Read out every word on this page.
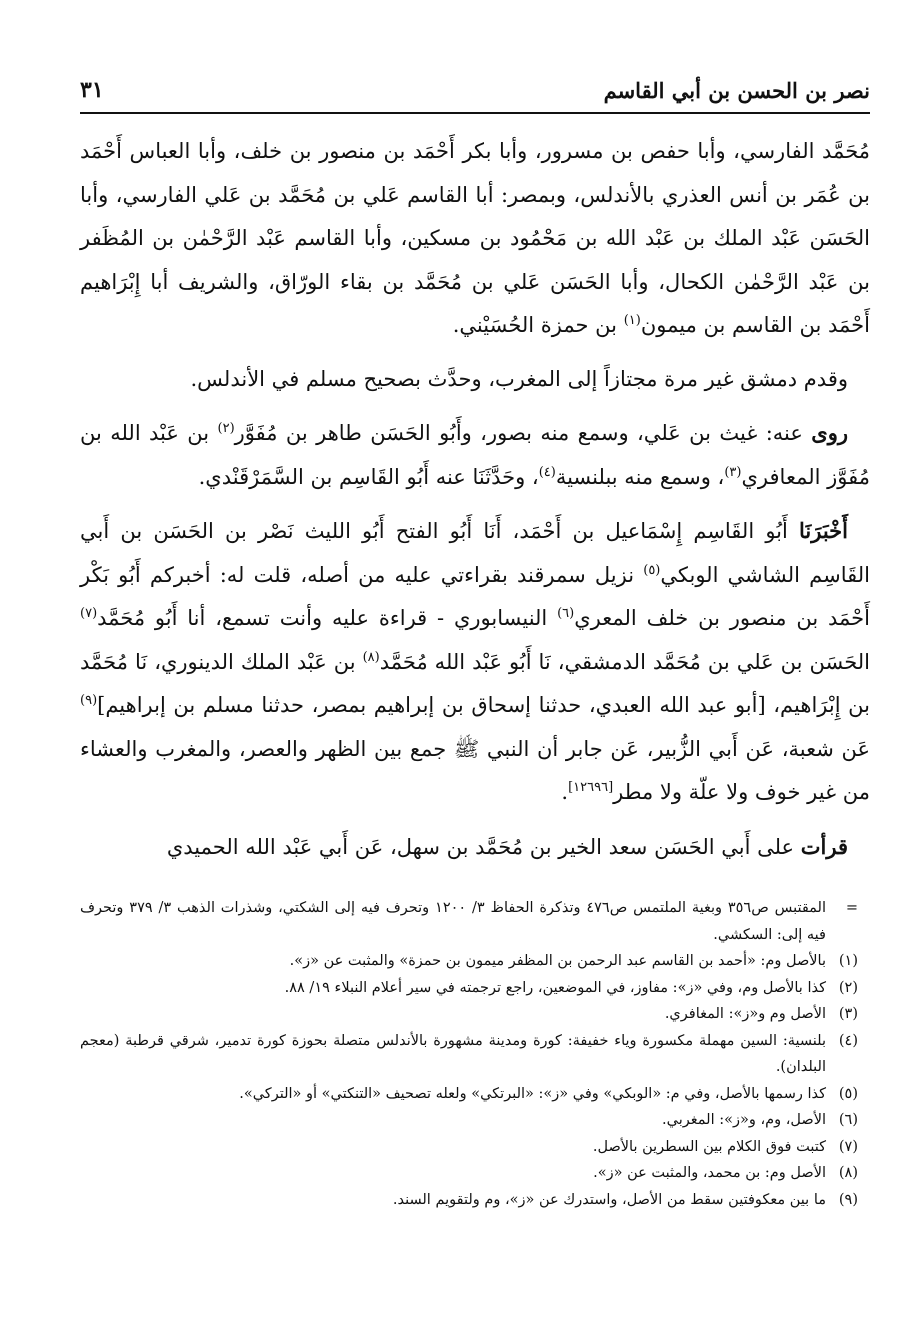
نصر بن الحسن بن أبي القاسم
٣١

مُحَمَّد الفارسي، وأبا حفص بن مسرور، وأبا بكر أَحْمَد بن منصور بن خلف، وأبا العباس أَحْمَد بن عُمَر بن أنس العذري بالأندلس، وبمصر: أبا القاسم عَلي بن مُحَمَّد بن عَلي الفارسي، وأبا الحَسَن عَبْد الملك بن عَبْد الله بن مَحْمُود بن مسكين، وأبا القاسم عَبْد الرَّحْمٰن بن المُظَفر بن عَبْد الرَّحْمٰن الكحال، وأبا الحَسَن عَلي بن مُحَمَّد بن بقاء الورّاق، والشريف أبا إِبْرَاهيم أَحْمَد بن القاسم بن ميمون$^{(١)}$ بن حمزة الحُسَيْني.

وقدم دمشق غير مرة مجتازاً إلى المغرب، وحدَّث بصحيح مسلم في الأندلس.

روى عنه: غيث بن عَلي، وسمع منه بصور، وأَبُو الحَسَن طاهر بن مُفَوَّر$^{(٢)}$ بن عَبْد الله بن مُفَوَّز المعافري$^{(٣)}$، وسمع منه ببلنسية$^{(٤)}$، وحَدَّثَنَا عنه أَبُو القَاسِم بن السَّمَرْقَنْدي.

أَخْبَرَنَا أَبُو القَاسِم إِسْمَاعيل بن أَحْمَد، أَنَا أَبُو الفتح أَبُو الليث نَصْر بن الحَسَن بن أَبي القَاسِم الشاشي الوبكي$^{(٥)}$ نزيل سمرقند بقراءتي عليه من أصله، قلت له: أخبركم أَبُو بَكْر أَحْمَد بن منصور بن خلف المعري$^{(٦)}$ النيسابوري - قراءة عليه وأنت تسمع، أنا أَبُو مُحَمَّد$^{(٧)}$ الحَسَن بن عَلي بن مُحَمَّد الدمشقي، نَا أَبُو عَبْد الله مُحَمَّد$^{(٨)}$ بن عَبْد الملك الدينوري، نَا مُحَمَّد بن إِبْرَاهيم، [أبو عبد الله العبدي، حدثنا إسحاق بن إبراهيم بمصر، حدثنا مسلم بن إبراهيم]$^{(٩)}$ عَن شعبة، عَن أَبي الزُّبير، عَن جابر أن النبي ﷺ جمع بين الظهر والعصر، والمغرب والعشاء من غير خوف ولا علّة ولا مطر[١٢٦٩٦].

قرأت على أَبي الحَسَن سعد الخير بن مُحَمَّد بن سهل، عَن أَبي عَبْد الله الحميدي

=
المقتبس ص٣٥٦ وبغية الملتمس ص٤٧٦ وتذكرة الحفاظ ٣/ ١٢٠٠ وتحرف فيه إلى الشكتي، وشذرات الذهب ٣/ ٣٧٩ وتحرف فيه إلى: السكشي.
(١)
بالأصل وم: «أحمد بن القاسم عبد الرحمن بن المظفر ميمون بن حمزة» والمثبت عن «ز».
(٢)
كذا بالأصل وم، وفي «ز»: مفاوز، في الموضعين، راجع ترجمته في سير أعلام النبلاء ١٩/ ٨٨.
(٣)
الأصل وم و«ز»: المغافري.
(٤)
بلنسية: السين مهملة مكسورة وياء خفيفة: كورة ومدينة مشهورة بالأندلس متصلة بحوزة كورة تدمير، شرقي قرطبة (معجم البلدان).
(٥)
كذا رسمها بالأصل، وفي م: «الوبكي» وفي «ز»: «البرتكي» ولعله تصحيف «التنكتي» أو «التركي».
(٦)
الأصل، وم، و«ز»: المغربي.
(٧)
كتبت فوق الكلام بين السطرين بالأصل.
(٨)
الأصل وم: بن محمد، والمثبت عن «ز».
(٩)
ما بين معكوفتين سقط من الأصل، واستدرك عن «ز»، وم ولتقويم السند.
